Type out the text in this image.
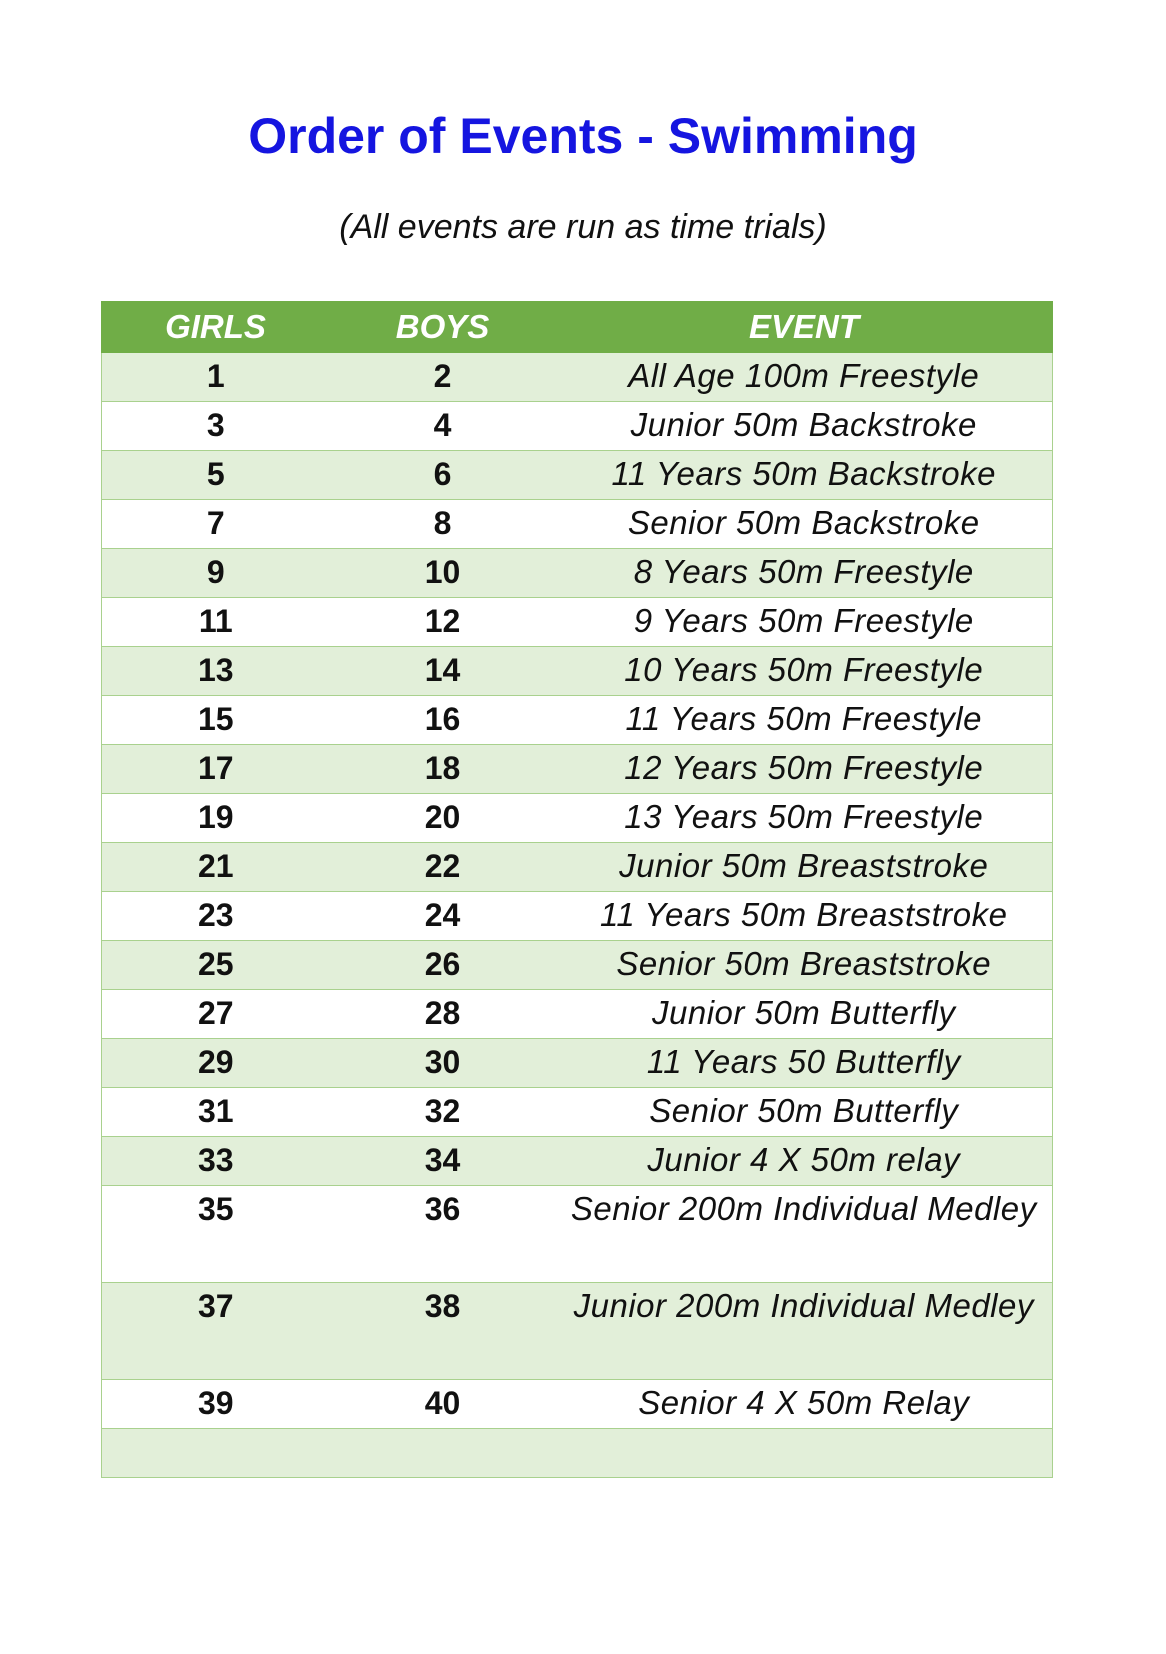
Order of Events - Swimming

(All events are run as time trials)

GIRLS	BOYS	EVENT
1	2	All Age 100m Freestyle
3	4	Junior 50m Backstroke
5	6	11 Years 50m Backstroke
7	8	Senior 50m Backstroke
9	10	8 Years 50m Freestyle
11	12	9 Years 50m Freestyle
13	14	10 Years 50m Freestyle
15	16	11 Years 50m Freestyle
17	18	12 Years 50m Freestyle
19	20	13 Years 50m Freestyle
21	22	Junior 50m Breaststroke
23	24	11 Years 50m Breaststroke
25	26	Senior 50m Breaststroke
27	28	Junior 50m Butterfly
29	30	11 Years 50 Butterfly
31	32	Senior 50m Butterfly
33	34	Junior 4 X 50m relay
35	36	Senior 200m Individual Medley
37	38	Junior 200m Individual Medley
39	40	Senior 4 X 50m Relay
